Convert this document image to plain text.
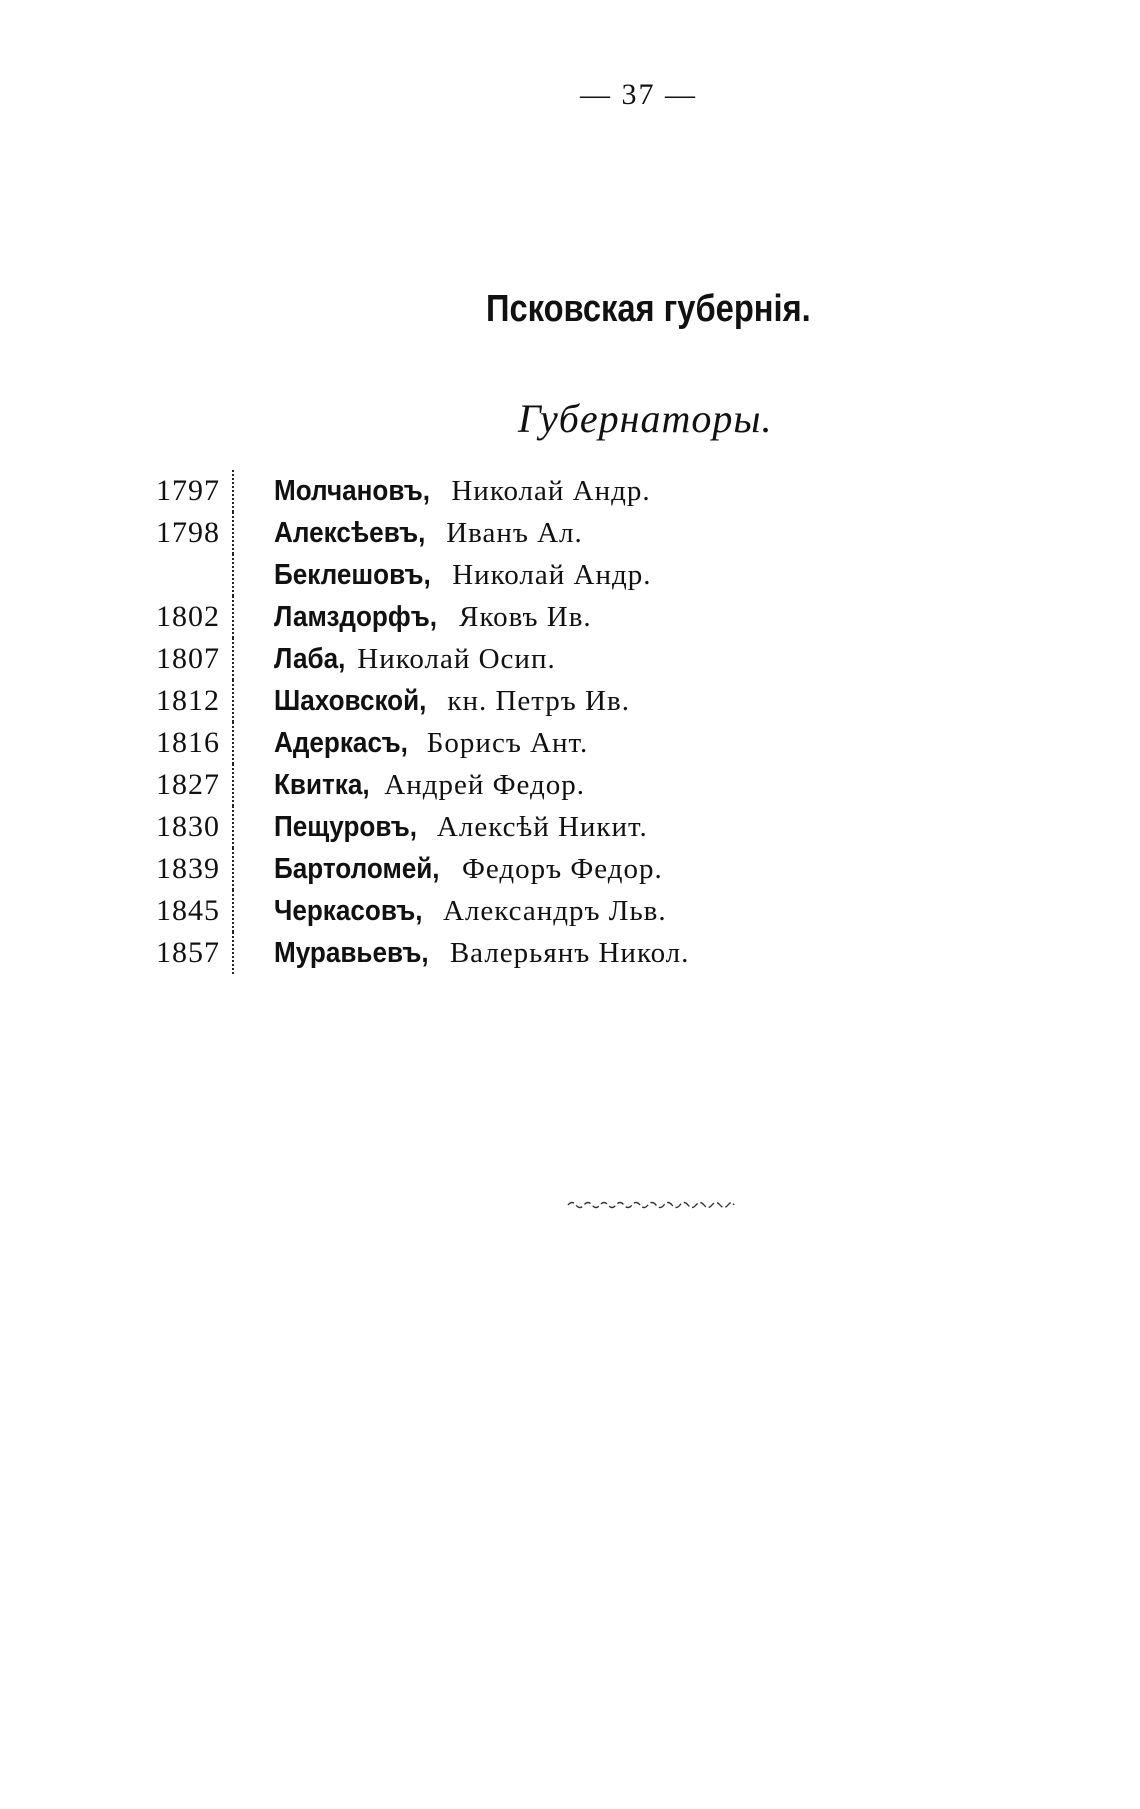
— 37 —
Псковская губернія.
Губернаторы.
1797	Молчановъ, Николай Андр.
1798	Алексѣевъ, Иванъ Ал.
Беклешовъ, Николай Андр.
1802	Ламздорфъ, Яковъ Ив.
1807	Лаба, Николай Осип.
1812	Шаховской, кн. Петръ Ив.
1816	Адеркасъ, Борисъ Ант.
1827	Квитка, Андрей Федор.
1830	Пещуровъ, Алексѣй Никит.
1839	Бартоломей, Федоръ Федор.
1845	Черкасовъ, Александръ Льв.
1857	Муравьевъ, Валерьянъ Никол.
